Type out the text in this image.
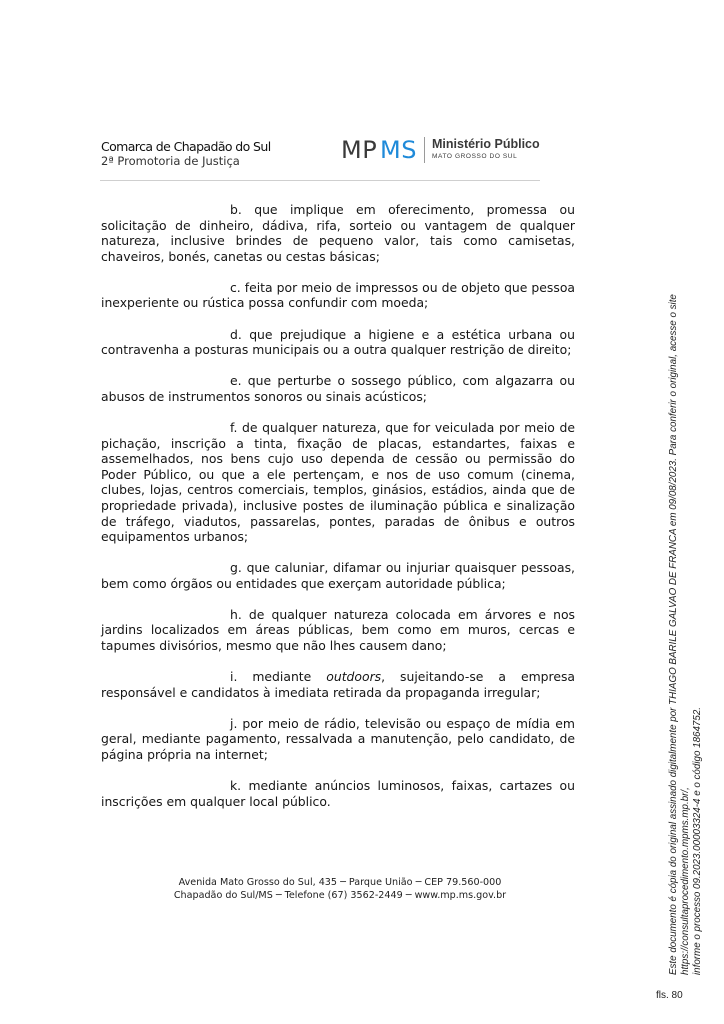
Comarca de Chapadão do Sul
2ª Promotoria de Justiça	MP MS Ministério Público
MATO GROSSO DO SUL

b. que implique em oferecimento, promessa ou solicitação de dinheiro, dádiva, rifa, sorteio ou vantagem de qualquer natureza, inclusive brindes de pequeno valor, tais como camisetas, chaveiros, bonés, canetas ou cestas básicas;

c. feita por meio de impressos ou de objeto que pessoa inexperiente ou rústica possa confundir com moeda;

d. que prejudique a higiene e a estética urbana ou contravenha a posturas municipais ou a outra qualquer restrição de direito;

e. que perturbe o sossego público, com algazarra ou abusos de instrumentos sonoros ou sinais acústicos;

f. de qualquer natureza, que for veiculada por meio de pichação, inscrição a tinta, fixação de placas, estandartes, faixas e assemelhados, nos bens cujo uso dependa de cessão ou permissão do Poder Público, ou que a ele pertençam, e nos de uso comum (cinema, clubes, lojas, centros comerciais, templos, ginásios, estádios, ainda que de propriedade privada), inclusive postes de iluminação pública e sinalização de tráfego, viadutos, passarelas, pontes, paradas de ônibus e outros equipamentos urbanos;

g. que caluniar, difamar ou injuriar quaisquer pessoas, bem como órgãos ou entidades que exerçam autoridade pública;

h. de qualquer natureza colocada em árvores e nos jardins localizados em áreas públicas, bem como em muros, cercas e tapumes divisórios, mesmo que não lhes causem dano;

i. mediante outdoors, sujeitando-se a empresa responsável e candidatos à imediata retirada da propaganda irregular;

j. por meio de rádio, televisão ou espaço de mídia em geral, mediante pagamento, ressalvada a manutenção, pelo candidato, de página própria na internet;

k. mediante anúncios luminosos, faixas, cartazes ou inscrições em qualquer local público.

Avenida Mato Grosso do Sul, 435 ─ Parque União ─ CEP 79.560-000
Chapadão do Sul/MS ─ Telefone (67) 3562-2449 ─ www.mp.ms.gov.br	Este documento é cópia do original assinado digitalmente por THIAGO BARILE GALVAO DE FRANCA em 09/08/2023. Para conferir o original, acesse o site https://consultaprocedimento.mpms.mp.br/, informe o processo 09.2023.00003324-4 e o código 1864752.
fls. 80
